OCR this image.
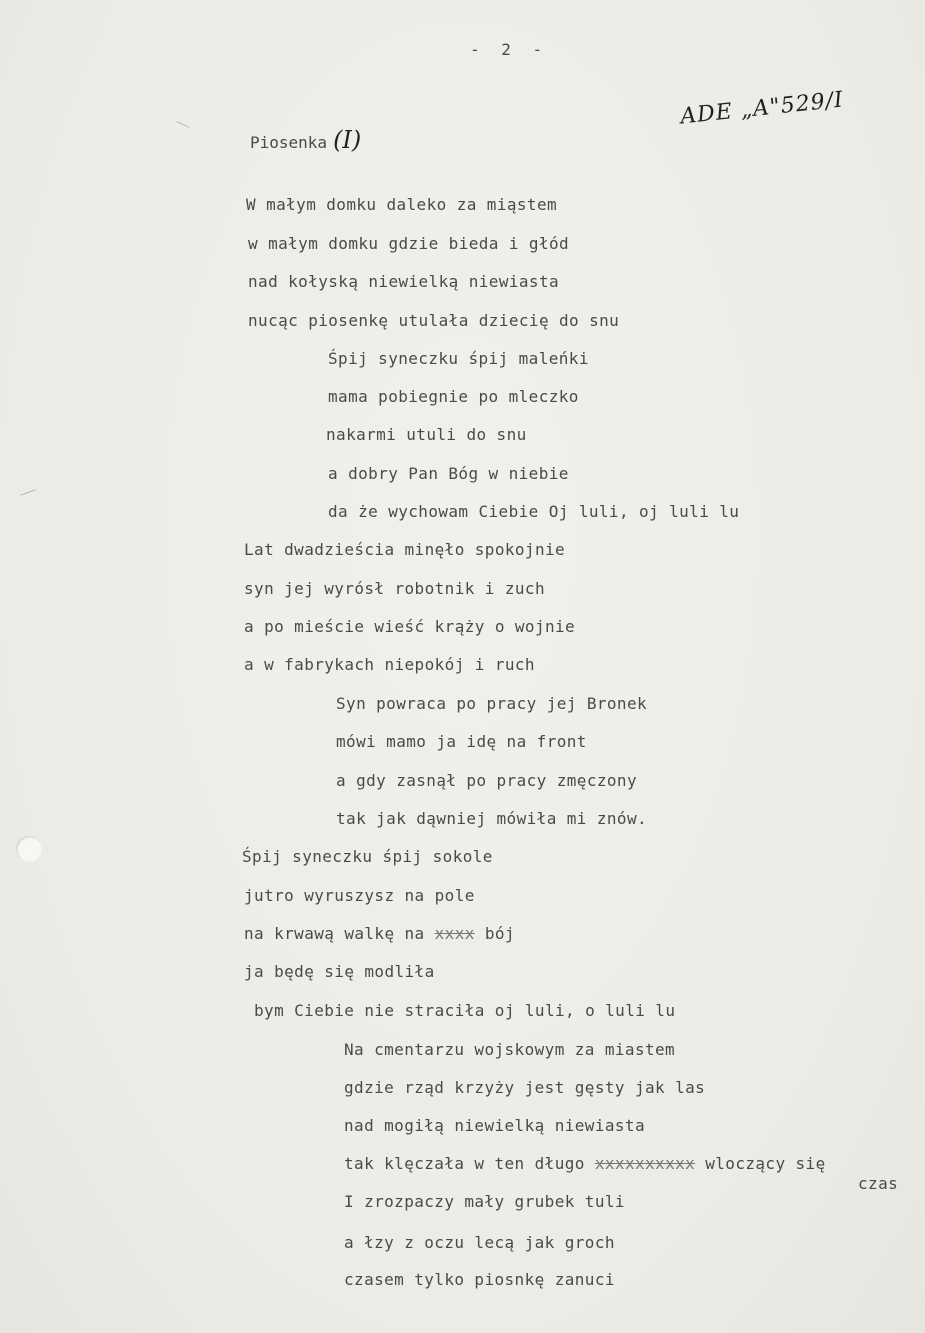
- 2 -
Piosenka (I)
ADE „A"529/I
W małym domku daleko za miąstem
w małym domku gdzie bieda i głód
nad kołyską niewielką niewiasta
nucąc piosenkę utulała dziecię do snu
Śpij syneczku śpij maleńki
mama pobiegnie po mleczko
nakarmi utuli do snu
a dobry Pan Bóg w niebie
da że wychowam Ciebie Oj luli, oj luli lu
Lat dwadzieścia minęło spokojnie
syn jej wyrósł robotnik i zuch
a po mieście wieść krąży o wojnie
a w fabrykach niepokój i ruch
Syn powraca po pracy jej Bronek
mówi mamo ja idę na front
a gdy zasnął po pracy zmęczony
tak jak dąwniej mówiła mi znów.
Śpij syneczku śpij sokole
jutro wyruszysz na pole
na krwawą walkę na xxxx bój
ja będę się modliła
bym Ciebie nie straciła oj luli, o luli lu
Na cmentarzu wojskowym za miastem
gdzie rząd krzyży jest gęsty jak las
nad mogiłą niewielką niewiasta
tak klęczała w ten długo xxxxxxxxxx wloczący się
czas
I zrozpaczy mały grubek tuli
a łzy z oczu lecą jak groch
czasem tylko piosnkę zanuci
